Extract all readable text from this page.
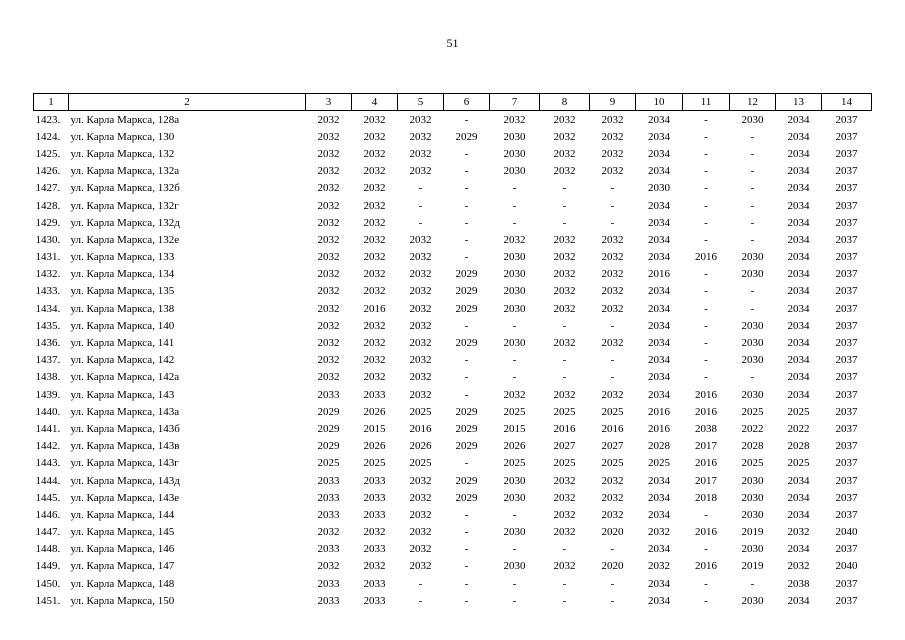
51
1	2	3	4	5	6	7	8	9	10	11	12	13	14
1423.	ул. Карла Маркса, 128а	2032	2032	2032	-	2032	2032	2032	2034	-	2030	2034	2037
1424.	ул. Карла Маркса, 130	2032	2032	2032	2029	2030	2032	2032	2034	-	-	2034	2037
1425.	ул. Карла Маркса, 132	2032	2032	2032	-	2030	2032	2032	2034	-	-	2034	2037
1426.	ул. Карла Маркса, 132а	2032	2032	2032	-	2030	2032	2032	2034	-	-	2034	2037
1427.	ул. Карла Маркса, 132б	2032	2032	-	-	-	-	-	2030	-	-	2034	2037
1428.	ул. Карла Маркса, 132г	2032	2032	-	-	-	-	-	2034	-	-	2034	2037
1429.	ул. Карла Маркса, 132д	2032	2032	-	-	-	-	-	2034	-	-	2034	2037
1430.	ул. Карла Маркса, 132е	2032	2032	2032	-	2032	2032	2032	2034	-	-	2034	2037
1431.	ул. Карла Маркса, 133	2032	2032	2032	-	2030	2032	2032	2034	2016	2030	2034	2037
1432.	ул. Карла Маркса, 134	2032	2032	2032	2029	2030	2032	2032	2016	-	2030	2034	2037
1433.	ул. Карла Маркса, 135	2032	2032	2032	2029	2030	2032	2032	2034	-	-	2034	2037
1434.	ул. Карла Маркса, 138	2032	2016	2032	2029	2030	2032	2032	2034	-	-	2034	2037
1435.	ул. Карла Маркса, 140	2032	2032	2032	-	-	-	-	2034	-	2030	2034	2037
1436.	ул. Карла Маркса, 141	2032	2032	2032	2029	2030	2032	2032	2034	-	2030	2034	2037
1437.	ул. Карла Маркса, 142	2032	2032	2032	-	-	-	-	2034	-	2030	2034	2037
1438.	ул. Карла Маркса, 142а	2032	2032	2032	-	-	-	-	2034	-	-	2034	2037
1439.	ул. Карла Маркса, 143	2033	2033	2032	-	2032	2032	2032	2034	2016	2030	2034	2037
1440.	ул. Карла Маркса, 143а	2029	2026	2025	2029	2025	2025	2025	2016	2016	2025	2025	2037
1441.	ул. Карла Маркса, 143б	2029	2015	2016	2029	2015	2016	2016	2016	2038	2022	2022	2037
1442.	ул. Карла Маркса, 143в	2029	2026	2026	2029	2026	2027	2027	2028	2017	2028	2028	2037
1443.	ул. Карла Маркса, 143г	2025	2025	2025	-	2025	2025	2025	2025	2016	2025	2025	2037
1444.	ул. Карла Маркса, 143д	2033	2033	2032	2029	2030	2032	2032	2034	2017	2030	2034	2037
1445.	ул. Карла Маркса, 143е	2033	2033	2032	2029	2030	2032	2032	2034	2018	2030	2034	2037
1446.	ул. Карла Маркса, 144	2033	2033	2032	-	-	2032	2032	2034	-	2030	2034	2037
1447.	ул. Карла Маркса, 145	2032	2032	2032	-	2030	2032	2020	2032	2016	2019	2032	2040
1448.	ул. Карла Маркса, 146	2033	2033	2032	-	-	-	-	2034	-	2030	2034	2037
1449.	ул. Карла Маркса, 147	2032	2032	2032	-	2030	2032	2020	2032	2016	2019	2032	2040
1450.	ул. Карла Маркса, 148	2033	2033	-	-	-	-	-	2034	-	-	2038	2037
1451.	ул. Карла Маркса, 150	2033	2033	-	-	-	-	-	2034	-	2030	2034	2037
